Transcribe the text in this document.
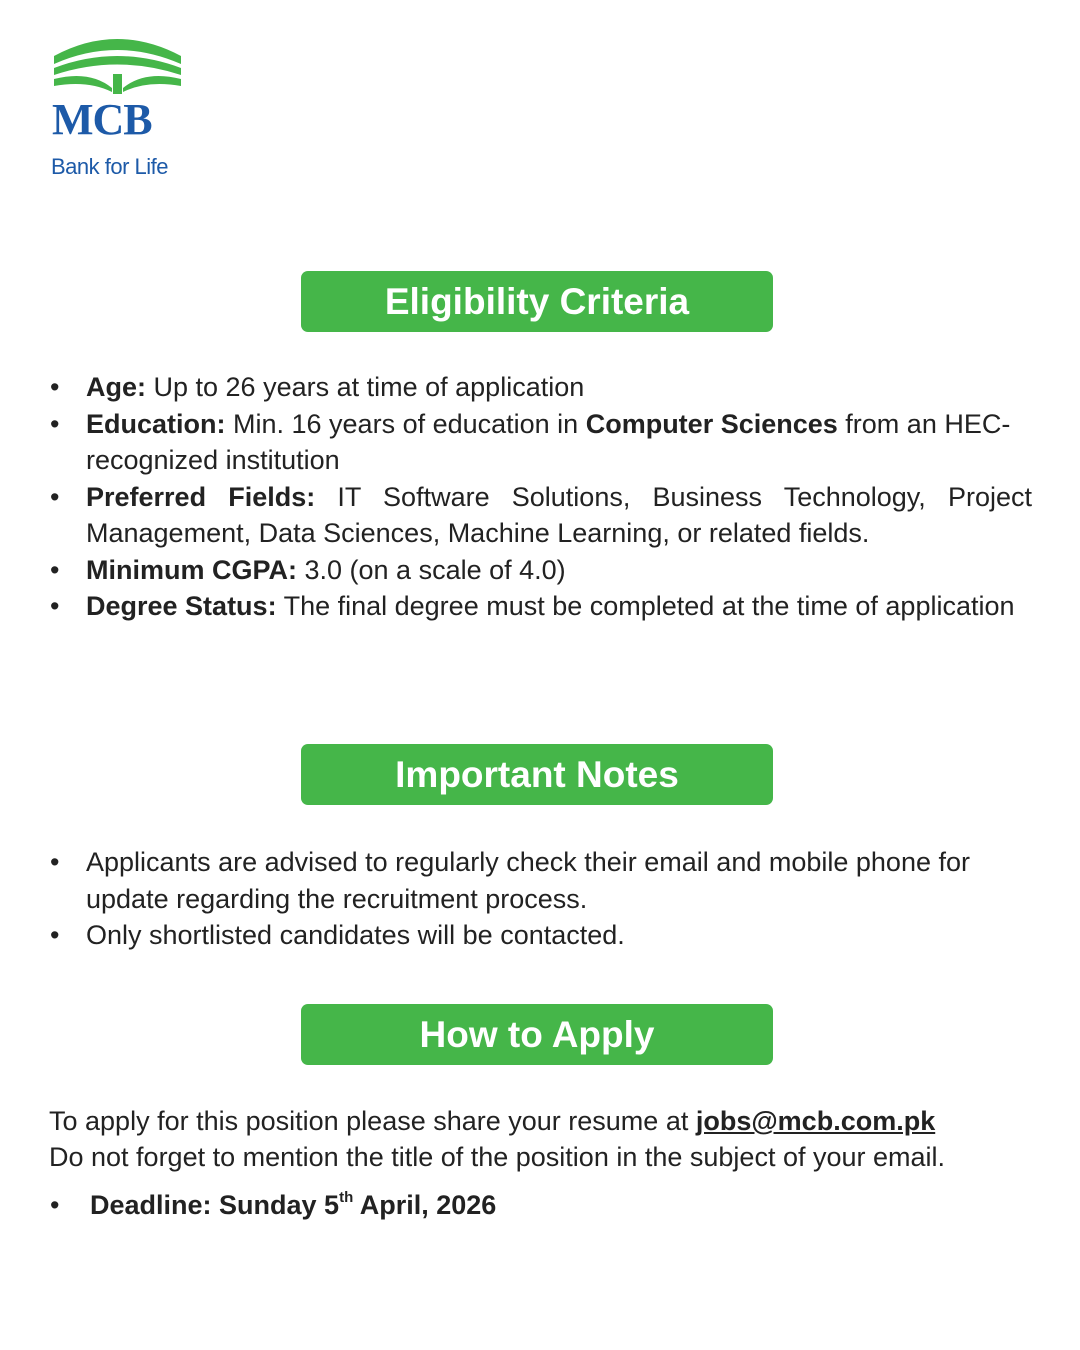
MCB
Bank for Life
Eligibility Criteria
• Age: Up to 26 years at time of application
• Education: Min. 16 years of education in Computer Sciences from an HEC-recognized institution
• Preferred Fields: IT Software Solutions, Business Technology, Project Management, Data Sciences, Machine Learning, or related fields.
• Minimum CGPA: 3.0 (on a scale of 4.0)
• Degree Status: The final degree must be completed at the time of application
Important Notes
• Applicants are advised to regularly check their email and mobile phone for update regarding the recruitment process.
• Only shortlisted candidates will be contacted.
How to Apply
To apply for this position please share your resume at jobs@mcb.com.pk
Do not forget to mention the title of the position in the subject of your email.
• Deadline: Sunday 5th April, 2026
